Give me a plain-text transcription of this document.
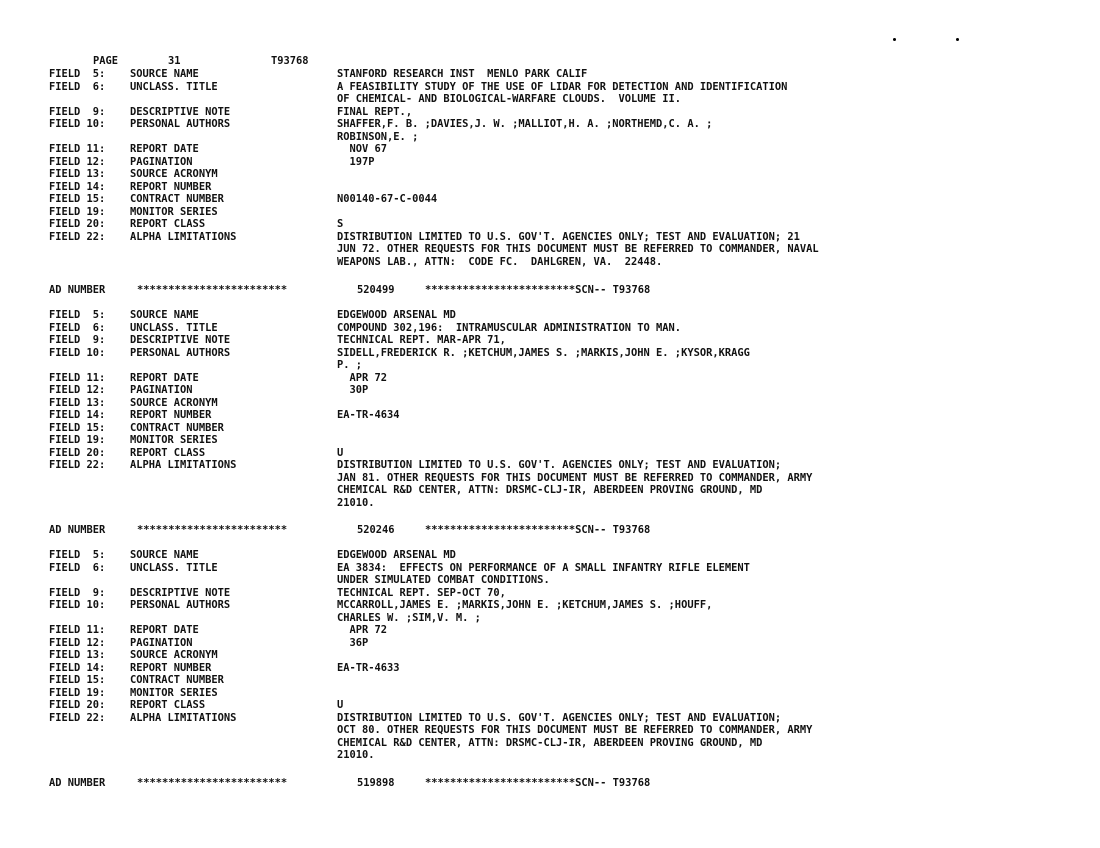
PAGE	31	T93768
FIELD  5: SOURCE NAME	STANFORD RESEARCH INST  MENLO PARK CALIF
FIELD  6: UNCLASS. TITLE	A FEASIBILITY STUDY OF THE USE OF LIDAR FOR DETECTION AND IDENTIFICATION
OF CHEMICAL- AND BIOLOGICAL-WARFARE CLOUDS.  VOLUME II.
FIELD  9: DESCRIPTIVE NOTE	FINAL REPT.,
FIELD 10: PERSONAL AUTHORS	SHAFFER,F. B. ;DAVIES,J. W. ;MALLIOT,H. A. ;NORTHEMD,C. A. ;
ROBINSON,E. ;
FIELD 11: REPORT DATE	NOV 67
FIELD 12: PAGINATION	197P
FIELD 13: SOURCE ACRONYM
FIELD 14: REPORT NUMBER
FIELD 15: CONTRACT NUMBER	N00140-67-C-0044
FIELD 19: MONITOR SERIES
FIELD 20: REPORT CLASS	S
FIELD 22: ALPHA LIMITATIONS	DISTRIBUTION LIMITED TO U.S. GOV'T. AGENCIES ONLY; TEST AND EVALUATION; 21
JUN 72. OTHER REQUESTS FOR THIS DOCUMENT MUST BE REFERRED TO COMMANDER, NAVAL
WEAPONS LAB., ATTN:  CODE FC.  DAHLGREN, VA.  22448.
AD NUMBER	************************	520499	************************SCN-- T93768
FIELD  5: SOURCE NAME	EDGEWOOD ARSENAL MD
FIELD  6: UNCLASS. TITLE	COMPOUND 302,196:  INTRAMUSCULAR ADMINISTRATION TO MAN.
FIELD  9: DESCRIPTIVE NOTE	TECHNICAL REPT. MAR-APR 71,
FIELD 10: PERSONAL AUTHORS	SIDELL,FREDERICK R. ;KETCHUM,JAMES S. ;MARKIS,JOHN E. ;KYSOR,KRAGG
P. ;
FIELD 11: REPORT DATE	APR 72
FIELD 12: PAGINATION	30P
FIELD 13: SOURCE ACRONYM
FIELD 14: REPORT NUMBER	EA-TR-4634
FIELD 15: CONTRACT NUMBER
FIELD 19: MONITOR SERIES
FIELD 20: REPORT CLASS	U
FIELD 22: ALPHA LIMITATIONS	DISTRIBUTION LIMITED TO U.S. GOV'T. AGENCIES ONLY; TEST AND EVALUATION;
JAN 81. OTHER REQUESTS FOR THIS DOCUMENT MUST BE REFERRED TO COMMANDER, ARMY
CHEMICAL R&D CENTER, ATTN: DRSMC-CLJ-IR, ABERDEEN PROVING GROUND, MD
21010.
AD NUMBER	************************	520246	************************SCN-- T93768
FIELD  5: SOURCE NAME	EDGEWOOD ARSENAL MD
FIELD  6: UNCLASS. TITLE	EA 3834:  EFFECTS ON PERFORMANCE OF A SMALL INFANTRY RIFLE ELEMENT
UNDER SIMULATED COMBAT CONDITIONS.
FIELD  9: DESCRIPTIVE NOTE	TECHNICAL REPT. SEP-OCT 70,
FIELD 10: PERSONAL AUTHORS	MCCARROLL,JAMES E. ;MARKIS,JOHN E. ;KETCHUM,JAMES S. ;HOUFF,
CHARLES W. ;SIM,V. M. ;
FIELD 11: REPORT DATE	APR 72
FIELD 12: PAGINATION	36P
FIELD 13: SOURCE ACRONYM
FIELD 14: REPORT NUMBER	EA-TR-4633
FIELD 15: CONTRACT NUMBER
FIELD 19: MONITOR SERIES
FIELD 20: REPORT CLASS	U
FIELD 22: ALPHA LIMITATIONS	DISTRIBUTION LIMITED TO U.S. GOV'T. AGENCIES ONLY; TEST AND EVALUATION;
OCT 80. OTHER REQUESTS FOR THIS DOCUMENT MUST BE REFERRED TO COMMANDER, ARMY
CHEMICAL R&D CENTER, ATTN: DRSMC-CLJ-IR, ABERDEEN PROVING GROUND, MD
21010.
AD NUMBER	************************	519898	************************SCN-- T93768
